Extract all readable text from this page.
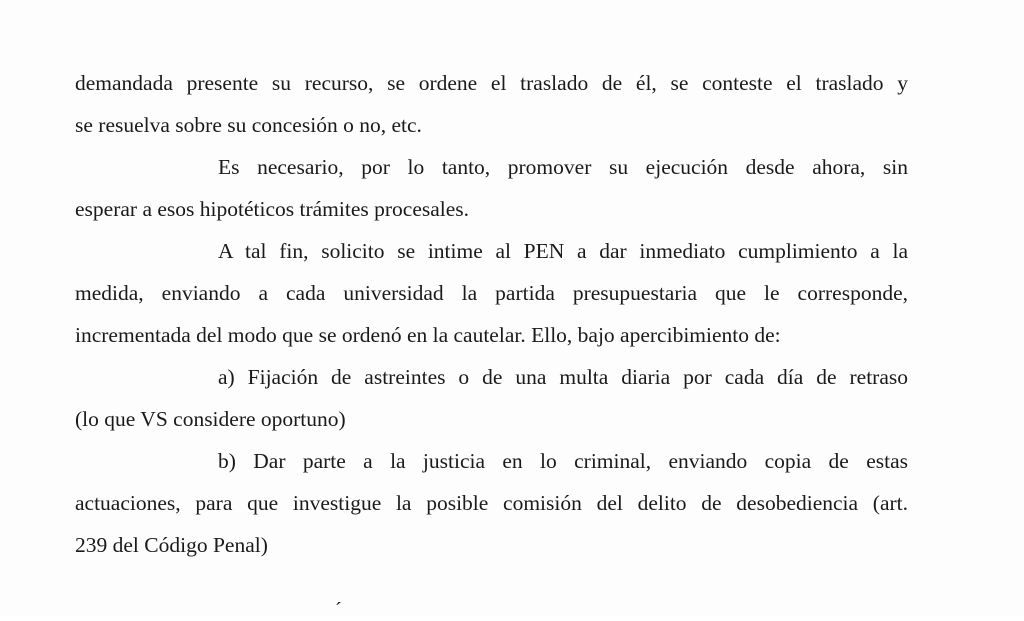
demandada presente su recurso, se ordene el traslado de él, se conteste el traslado y
se resuelva sobre su concesión o no, etc.
Es necesario, por lo tanto, promover su ejecución desde ahora, sin
esperar a esos hipotéticos trámites procesales.
A tal fin, solicito se intime al PEN a dar inmediato cumplimiento a la
medida, enviando a cada universidad la partida presupuestaria que le corresponde,
incrementada del modo que se ordenó en la cautelar. Ello, bajo apercibimiento de:
a) Fijación de astreintes o de una multa diaria por cada día de retraso
(lo que VS considere oportuno)
b) Dar parte a la justicia en lo criminal, enviando copia de estas
actuaciones, para que investigue la posible comisión del delito de desobediencia (art.
239 del Código Penal)
´
